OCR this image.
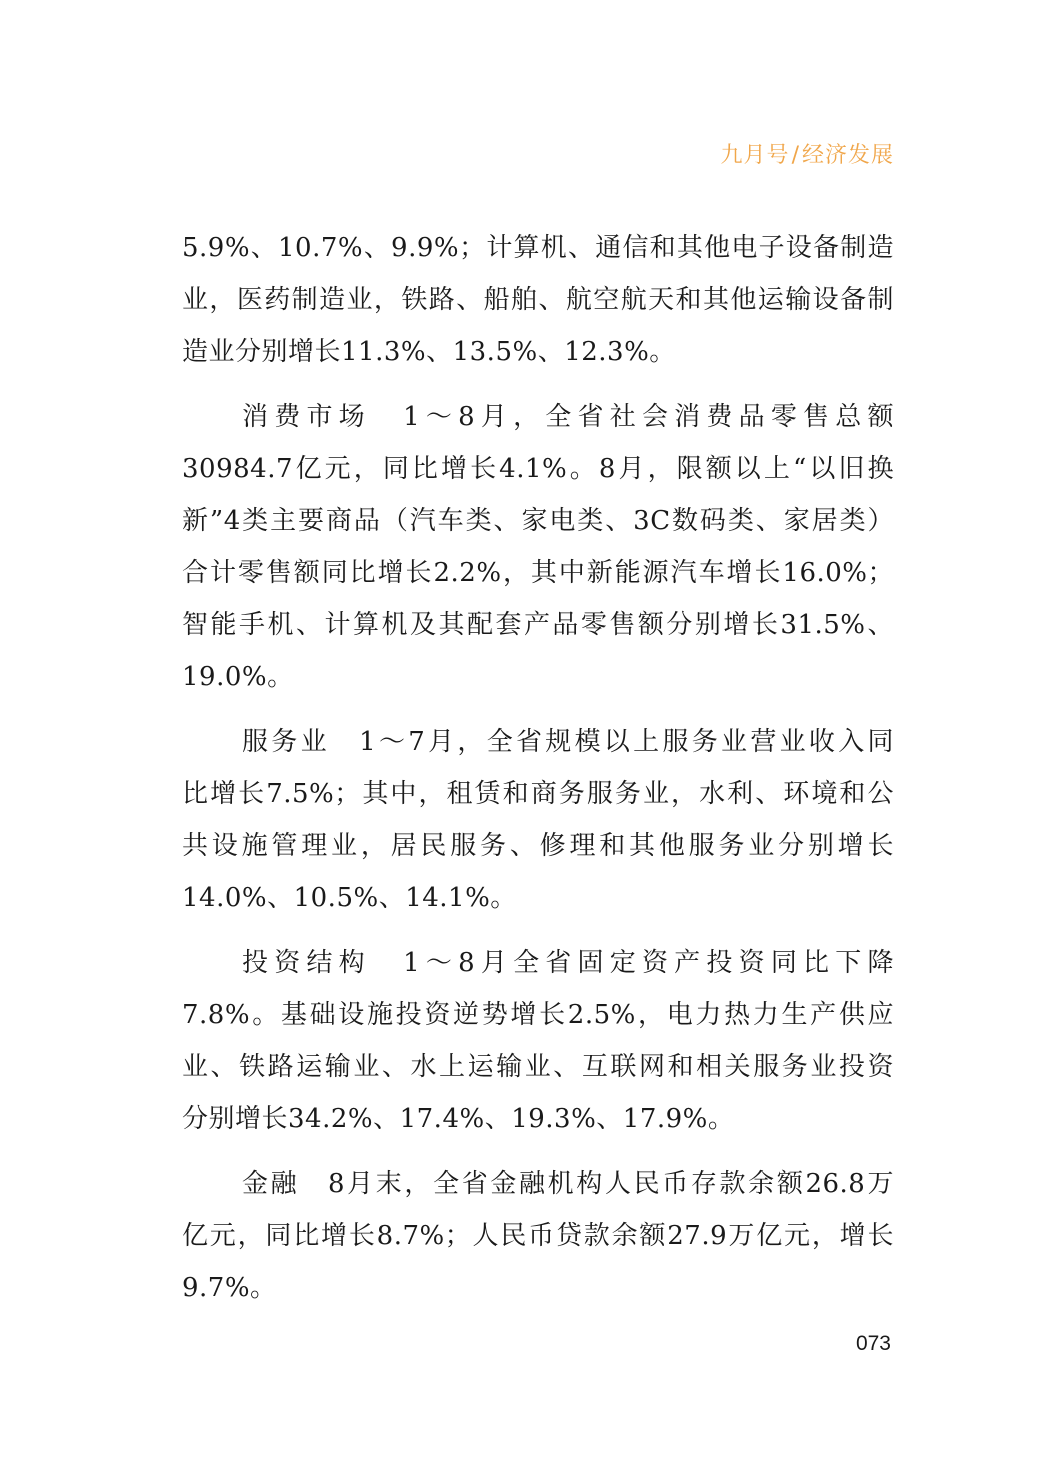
九月号/经济发展
5.9%、10.7%、9.9%；计算机、通信和其他电子设备制造
业，医药制造业，铁路、船舶、航空航天和其他运输设备制
造业分别增长11.3%、13.5%、12.3%。
消费市场　1～8月，全省社会消费品零售总额
30984.7亿元，同比增长4.1%。8月，限额以上“以旧换
新”4类主要商品（汽车类、家电类、3C数码类、家居类）
合计零售额同比增长2.2%，其中新能源汽车增长16.0%；
智能手机、计算机及其配套产品零售额分别增长31.5%、
19.0%。
服务业　1～7月，全省规模以上服务业营业收入同
比增长7.5%；其中，租赁和商务服务业，水利、环境和公
共设施管理业，居民服务、修理和其他服务业分别增长
14.0%、10.5%、14.1%。
投资结构　1～8月全省固定资产投资同比下降
7.8%。基础设施投资逆势增长2.5%，电力热力生产供应
业、铁路运输业、水上运输业、互联网和相关服务业投资
分别增长34.2%、17.4%、19.3%、17.9%。
金融　8月末，全省金融机构人民币存款余额26.8万
亿元，同比增长8.7%；人民币贷款余额27.9万亿元，增长
9.7%。
073
